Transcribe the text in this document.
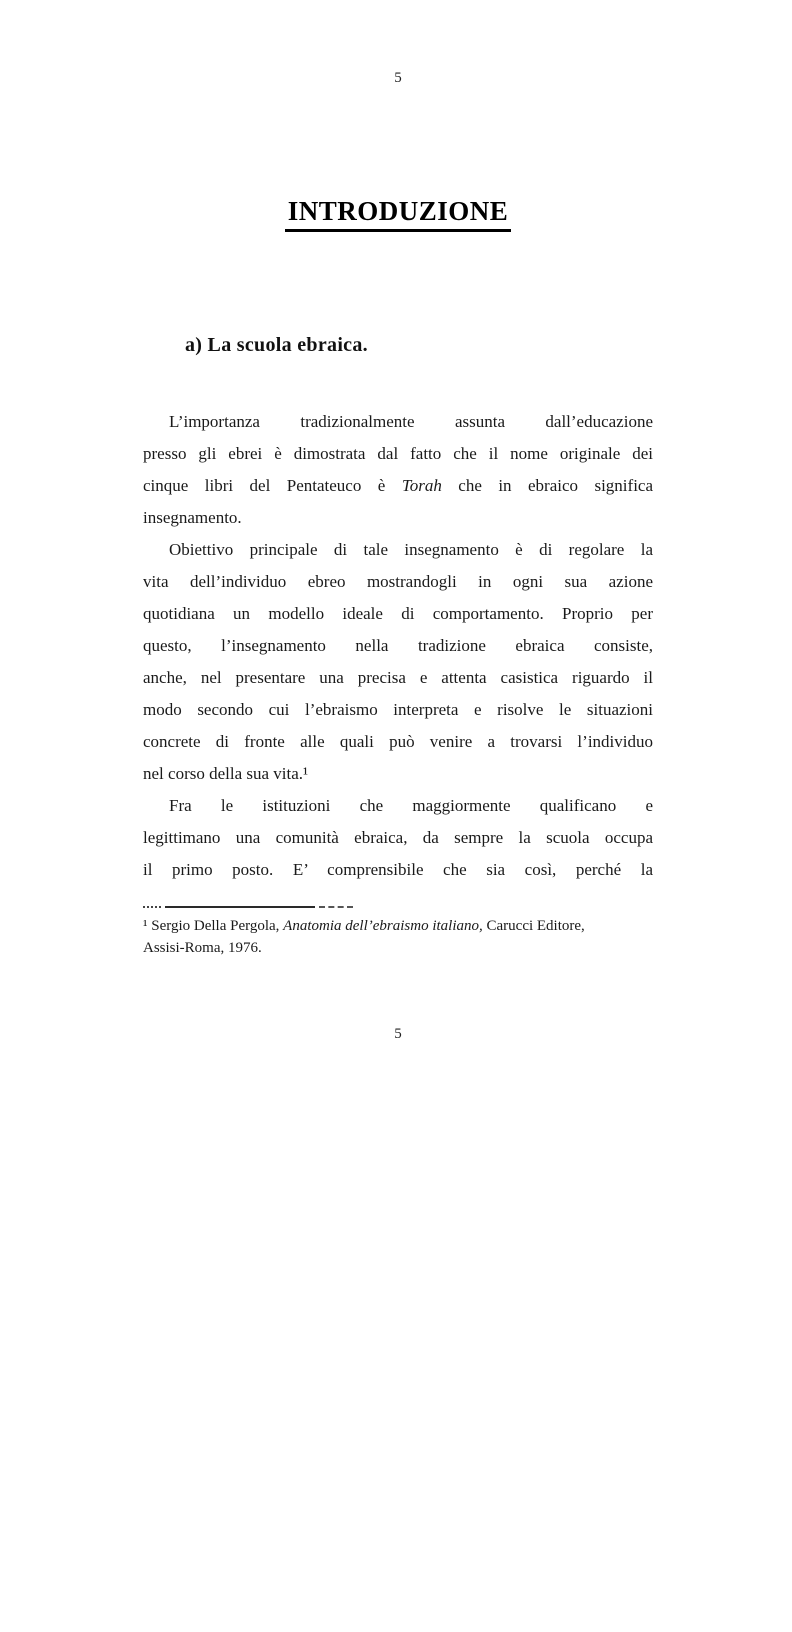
5
INTRODUZIONE
a) La scuola ebraica.
L’importanza tradizionalmente assunta dall’educazione
presso gli ebrei è dimostrata dal fatto che il nome originale dei
cinque libri del Pentateuco è Torah che in ebraico significa
insegnamento.
Obiettivo principale di tale insegnamento è di regolare la
vita dell’individuo ebreo mostrandogli in ogni sua azione
quotidiana un modello ideale di comportamento. Proprio per
questo, l’insegnamento nella tradizione ebraica consiste,
anche, nel presentare una precisa e attenta casistica riguardo il
modo secondo cui l’ebraismo interpreta e risolve le situazioni
concrete di fronte alle quali può venire a trovarsi l’individuo
nel corso della sua vita.¹
Fra le istituzioni che maggiormente qualificano e
legittimano una comunità ebraica, da sempre la scuola occupa
il primo posto. E’ comprensibile che sia così, perché la
¹ Sergio Della Pergola, Anatomia dell’ebraismo italiano, Carucci Editore,
Assisi-Roma, 1976.
5
